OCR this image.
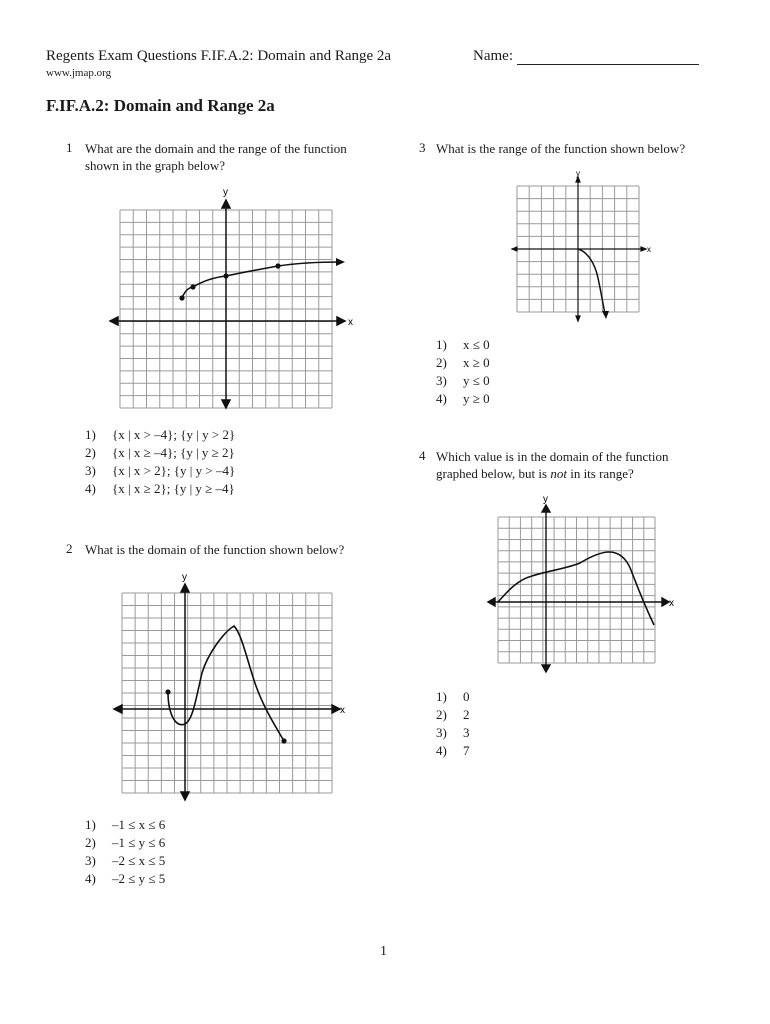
Regents Exam Questions F.IF.A.2: Domain and Range 2a
www.jmap.org
Name:
F.IF.A.2: Domain and Range 2a
1 What are the domain and the range of the function
shown in the graph below?
x
y
1)	{x | x > –4}; {y | y > 2}
2)	{x | x ≥ –4}; {y | y ≥ 2}
3)	{x | x > 2}; {y | y > –4}
4)	{x | x ≥ 2}; {y | y ≥ –4}
2 What is the domain of the function shown below?
x
y
1)	–1 ≤ x ≤ 6
2)	–1 ≤ y ≤ 6
3)	–2 ≤ x ≤ 5
4)	–2 ≤ y ≤ 5
3 What is the range of the function shown below?
x
y
1)	x ≤ 0
2)	x ≥ 0
3)	y ≤ 0
4)	y ≥ 0
4 Which value is in the domain of the function
graphed below, but is not in its range?
x
y
1)	0
2)	2
3)	3
4)	7
1
